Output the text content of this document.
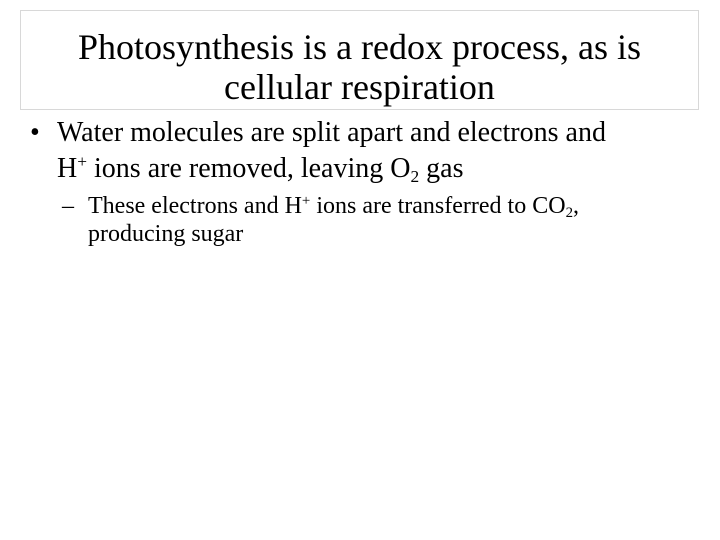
Photosynthesis is a redox process, as is
cellular respiration
• Water molecules are split apart and electrons and
H+ ions are removed, leaving $O_2$ gas
– These electrons and H+ ions are transferred to $CO_2$,
producing sugar
